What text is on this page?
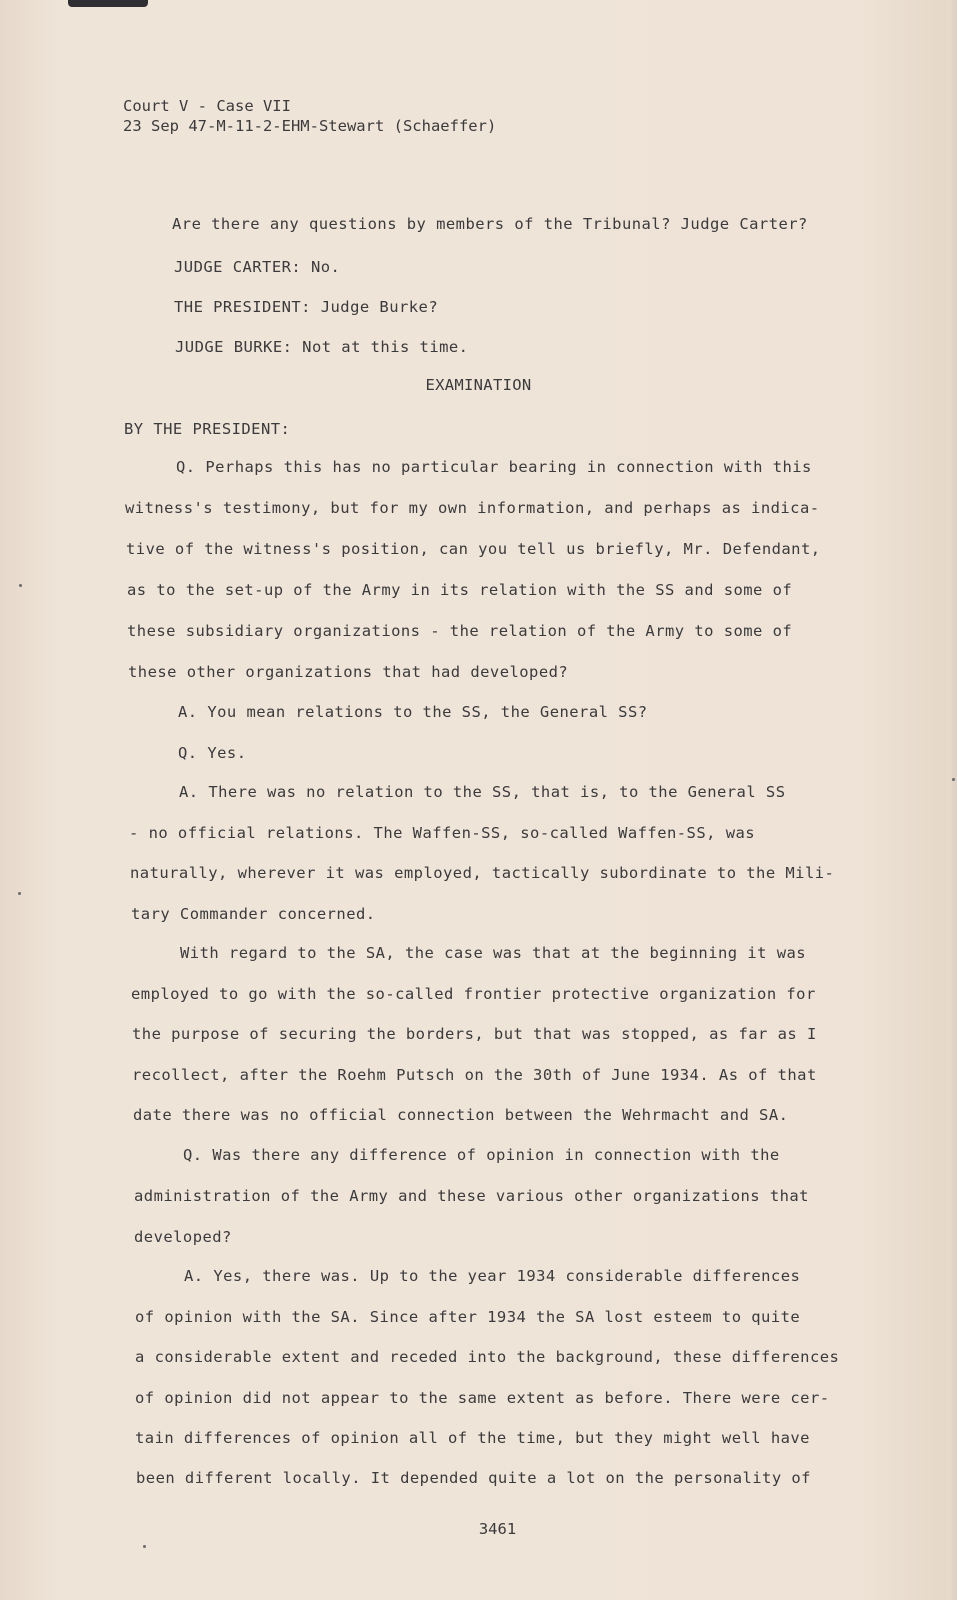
Court V - Case VII
23 Sep 47-M-11-2-EHM-Stewart (Schaeffer)
Are there any questions by members of the Tribunal? Judge Carter?
JUDGE CARTER: No.
THE PRESIDENT: Judge Burke?
JUDGE BURKE: Not at this time.
EXAMINATION
BY THE PRESIDENT:
Q. Perhaps this has no particular bearing in connection with this
witness's testimony, but for my own information, and perhaps as indica-
tive of the witness's position, can you tell us briefly, Mr. Defendant,
as to the set-up of the Army in its relation with the SS and some of
these subsidiary organizations - the relation of the Army to some of
these other organizations that had developed?
A. You mean relations to the SS, the General SS?
Q. Yes.
A. There was no relation to the SS, that is, to the General SS
- no official relations. The Waffen-SS, so-called Waffen-SS, was
naturally, wherever it was employed, tactically subordinate to the Mili-
tary Commander concerned.
With regard to the SA, the case was that at the beginning it was
employed to go with the so-called frontier protective organization for
the purpose of securing the borders, but that was stopped, as far as I
recollect, after the Roehm Putsch on the 30th of June 1934. As of that
date there was no official connection between the Wehrmacht and SA.
Q. Was there any difference of opinion in connection with the
administration of the Army and these various other organizations that
developed?
A. Yes, there was. Up to the year 1934 considerable differences
of opinion with the SA. Since after 1934 the SA lost esteem to quite
a considerable extent and receded into the background, these differences
of opinion did not appear to the same extent as before. There were cer-
tain differences of opinion all of the time, but they might well have
been different locally. It depended quite a lot on the personality of
3461
